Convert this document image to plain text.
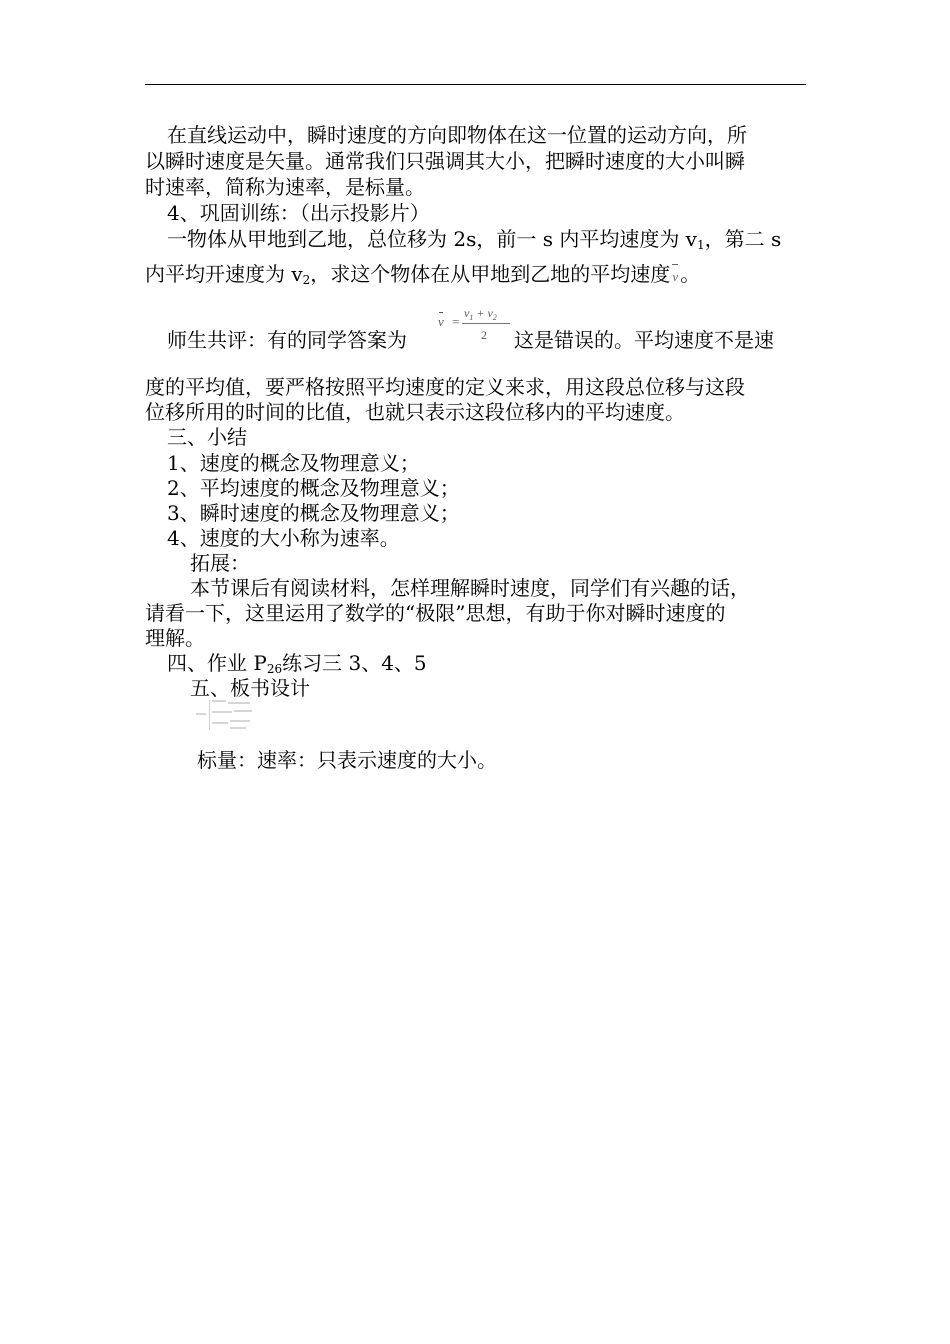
在直线运动中，瞬时速度的方向即物体在这一位置的运动方向，所
以瞬时速度是矢量。通常我们只强调其大小，把瞬时速度的大小叫瞬
时速率，简称为速率，是标量。
4、巩固训练：（出示投影片）
一物体从甲地到乙地，总位移为 2s，前一 s 内平均速度为 $v_1$，第二 s
内平均开速度为 $v_2$，求这个物体在从甲地到乙地的平均速度 v 。
师生共评：有的同学答案为
v =
$v_1 + v_2$
2 这是错误的。平均速度不是速
度的平均值，要严格按照平均速度的定义来求，用这段总位移与这段
位移所用的时间的比值，也就只表示这段位移内的平均速度。
三、小结
1、速度的概念及物理意义；
2、平均速度的概念及物理意义；
3、瞬时速度的概念及物理意义；
4、速度的大小称为速率。
拓展：
本节课后有阅读材料，怎样理解瞬时速度，同学们有兴趣的话，
请看一下，这里运用了数学的“极限”思想，有助于你对瞬时速度的
理解。
四、作业 $P_{26}$练习三 3、4、5
五、板书设计
标量：速率：只表示速度的大小。
